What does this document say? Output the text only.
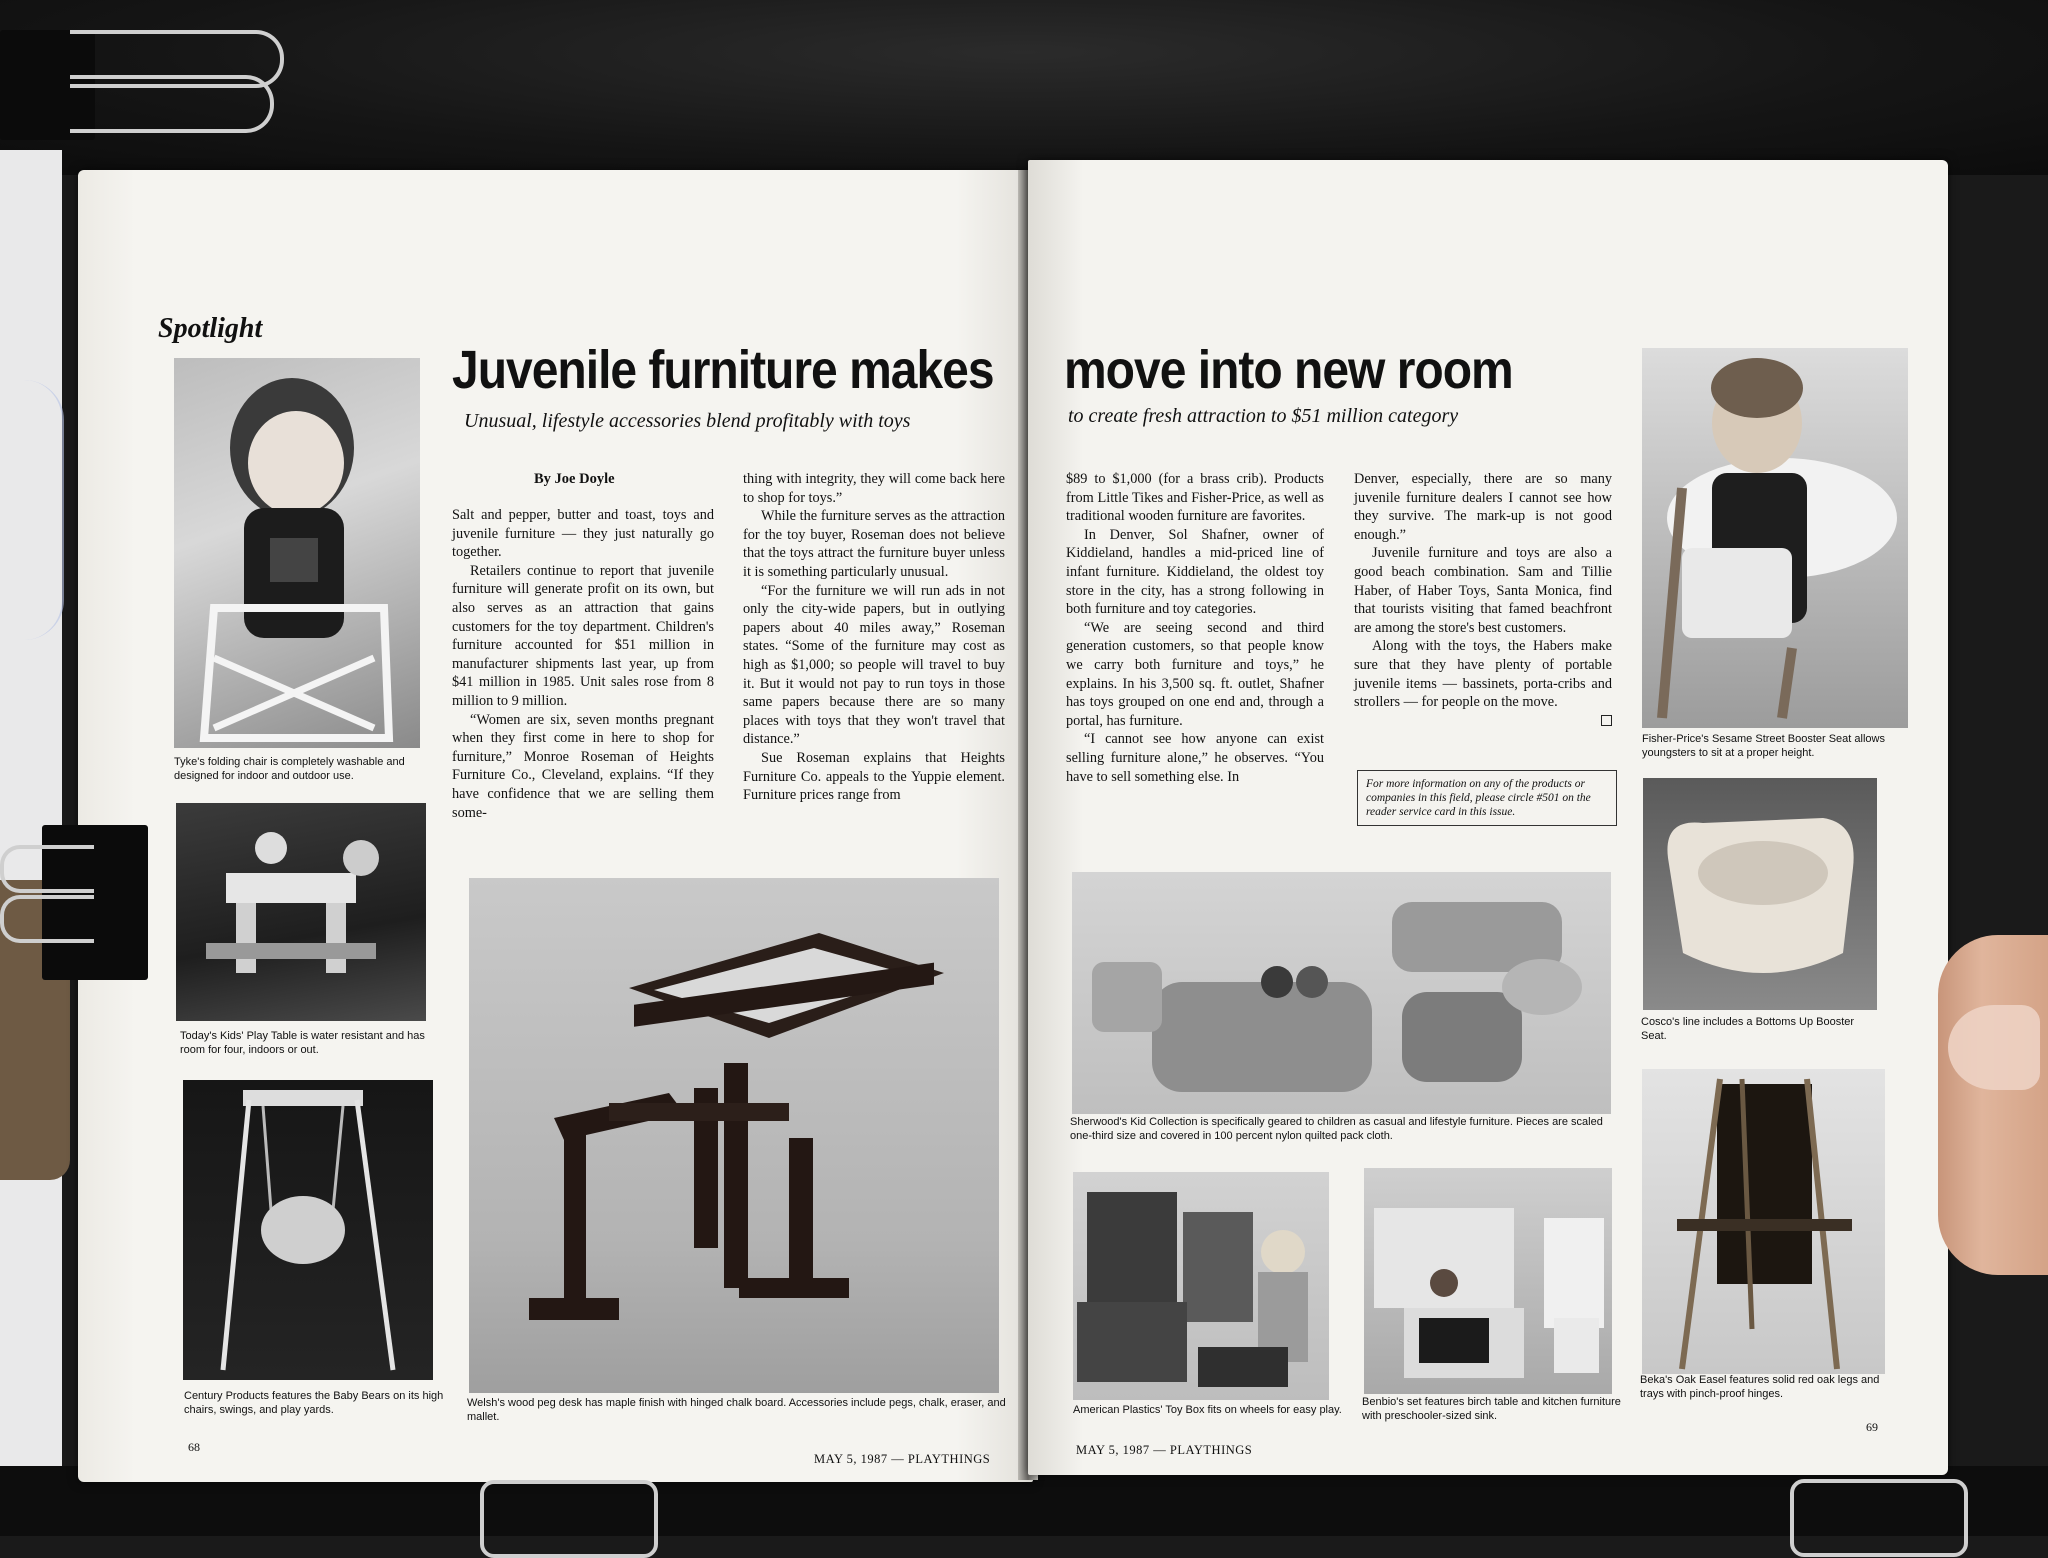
Spotlight
Tyke's folding chair is completely washable and designed for indoor and outdoor use.
Today's Kids' Play Table is water resistant and has room for four, indoors or out.
Century Products features the Baby Bears on its high chairs, swings, and play yards.
Juvenile furniture makes
Unusual, lifestyle accessories blend profitably with toys
By Joe Doyle

Salt and pepper, butter and toast, toys and juvenile furniture — they just naturally go together.

Retailers continue to report that juvenile furniture will generate profit on its own, but also serves as an attraction that gains customers for the toy department. Children's furniture accounted for $51 million in manufacturer shipments last year, up from $41 million in 1985. Unit sales rose from 8 million to 9 million.

“Women are six, seven months pregnant when they first come in here to shop for furniture,” Monroe Roseman of Heights Furniture Co., Cleveland, explains. “If they have confidence that we are selling them some-

thing with integrity, they will come back here to shop for toys.”

While the furniture serves as the attraction for the toy buyer, Roseman does not believe that the toys attract the furniture buyer unless it is something particularly unusual.

“For the furniture we will run ads in not only the city-wide papers, but in outlying papers about 40 miles away,” Roseman states. “Some of the furniture may cost as high as $1,000; so people will travel to buy it. But it would not pay to run toys in those same papers because there are so many places with toys that they won't travel that distance.”

Sue Roseman explains that Heights Furniture Co. appeals to the Yuppie element. Furniture prices range from

Welsh's wood peg desk has maple finish with hinged chalk board. Accessories include pegs, chalk, eraser, and mallet.
68
MAY 5, 1987 — PLAYTHINGS
move into new room
to create fresh attraction to $51 million category

$89 to $1,000 (for a brass crib). Products from Little Tikes and Fisher-Price, as well as traditional wooden furniture are favorites.

In Denver, Sol Shafner, owner of Kiddieland, handles a mid-priced line of infant furniture. Kiddieland, the oldest toy store in the city, has a strong following in both furniture and toy categories.

“We are seeing second and third generation customers, so that people know we carry both furniture and toys,” he explains. In his 3,500 sq. ft. outlet, Shafner has toys grouped on one end and, through a portal, has furniture.

“I cannot see how anyone can exist selling furniture alone,” he observes. “You have to sell something else. In

Denver, especially, there are so many juvenile furniture dealers I cannot see how they survive. The mark-up is not good enough.”

Juvenile furniture and toys are also a good beach combination. Sam and Tillie Haber, of Haber Toys, Santa Monica, find that tourists visiting that famed beachfront are among the store's best customers.

Along with the toys, the Habers make sure that they have plenty of portable juvenile items — bassinets, porta-cribs and strollers — for people on the move.

For more information on any of the products or companies in this field, please circle #501 on the reader service card in this issue.
Sherwood's Kid Collection is specifically geared to children as casual and lifestyle furniture. Pieces are scaled one-third size and covered in 100 percent nylon quilted pack cloth.
American Plastics' Toy Box fits on wheels for easy play.
Benbio's set features birch table and kitchen furniture with preschooler-sized sink.
Fisher-Price's Sesame Street Booster Seat allows youngsters to sit at a proper height.
Cosco's line includes a Bottoms Up Booster Seat.
Beka's Oak Easel features solid red oak legs and trays with pinch-proof hinges.
MAY 5, 1987 — PLAYTHINGS
69
